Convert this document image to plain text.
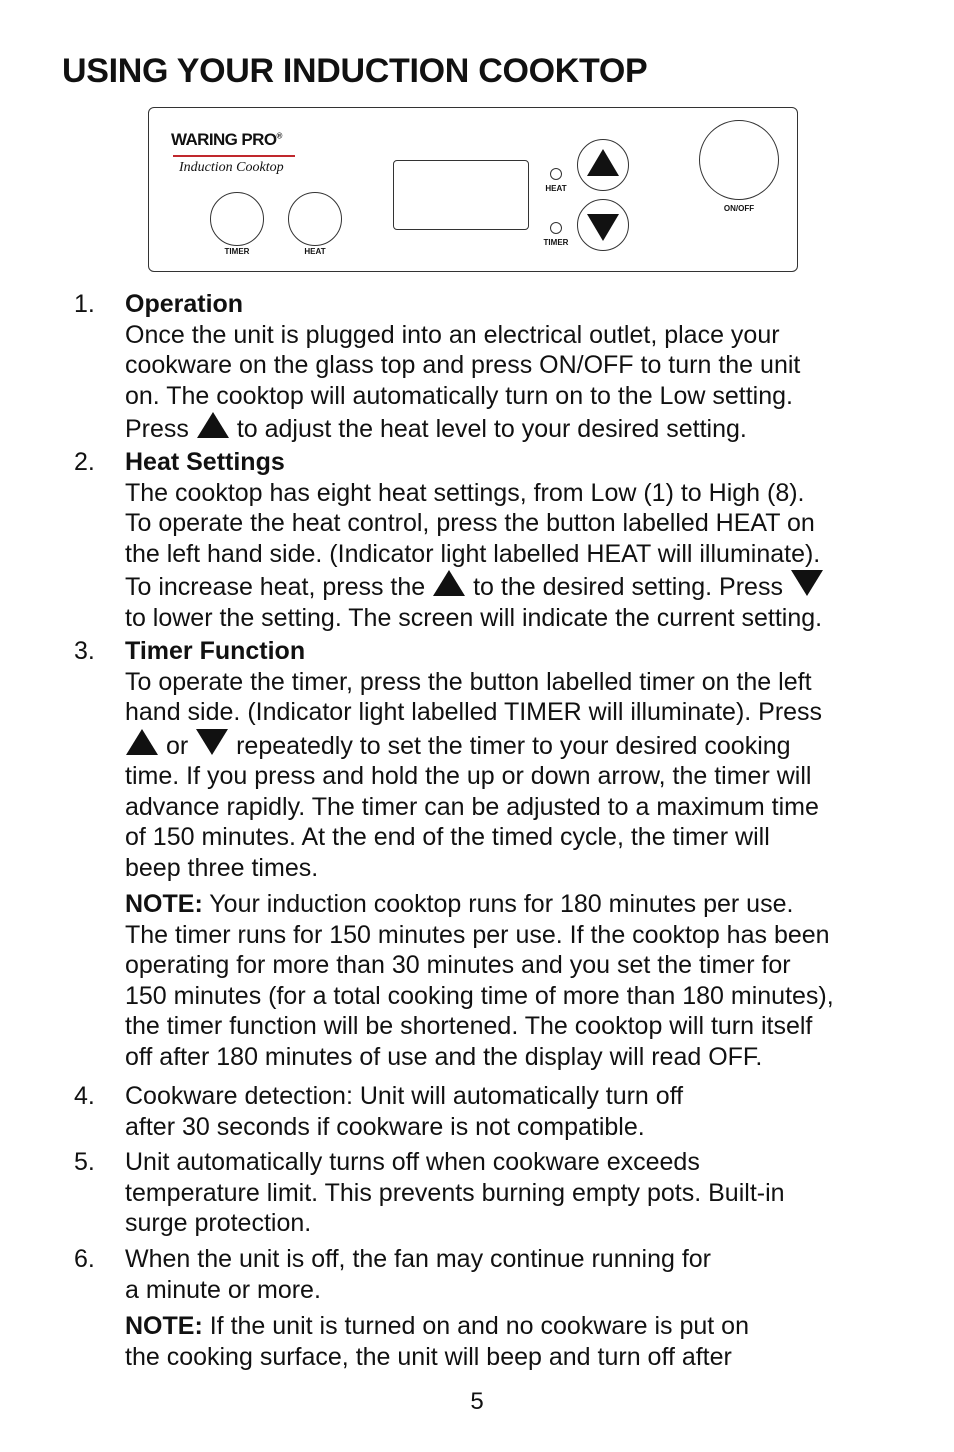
USING YOUR INDUCTION COOKTOP
WARING PRO®
Induction Cooktop
TIMER	HEAT
HEAT
TIMER
ON/OFF
1. Operation

Once the unit is plugged into an electrical outlet, place your

cookware on the glass top and press ON/OFF to turn the unit

on. The cooktop will automatically turn on to the Low setting.

Press to adjust the heat level to your desired setting.

2. Heat Settings

The cooktop has eight heat settings, from Low (1) to High (8).

To operate the heat control, press the button labelled HEAT on

the left hand side. (Indicator light labelled HEAT will illuminate).

To increase heat, press the to the desired setting. Press

to lower the setting. The screen will indicate the current setting.

3. Timer Function

To operate the timer, press the button labelled timer on the left

hand side. (Indicator light labelled TIMER will illuminate). Press

or repeatedly to set the timer to your desired cooking

time. If you press and hold the up or down arrow, the timer will

advance rapidly. The timer can be adjusted to a maximum time

of 150 minutes. At the end of the timed cycle, the timer will

beep three times.

NOTE: Your induction cooktop runs for 180 minutes per use.

The timer runs for 150 minutes per use. If the cooktop has been

operating for more than 30 minutes and you set the timer for

150 minutes (for a total cooking time of more than 180 minutes),

the timer function will be shortened. The cooktop will turn itself

off after 180 minutes of use and the display will read OFF.

4. Cookware detection: Unit will automatically turn off

after 30 seconds if cookware is not compatible.

5. Unit automatically turns off when cookware exceeds

temperature limit. This prevents burning empty pots. Built-in

surge protection.

6. When the unit is off, the fan may continue running for

a minute or more.

NOTE: If the unit is turned on and no cookware is put on

the cooking surface, the unit will beep and turn off after

5
